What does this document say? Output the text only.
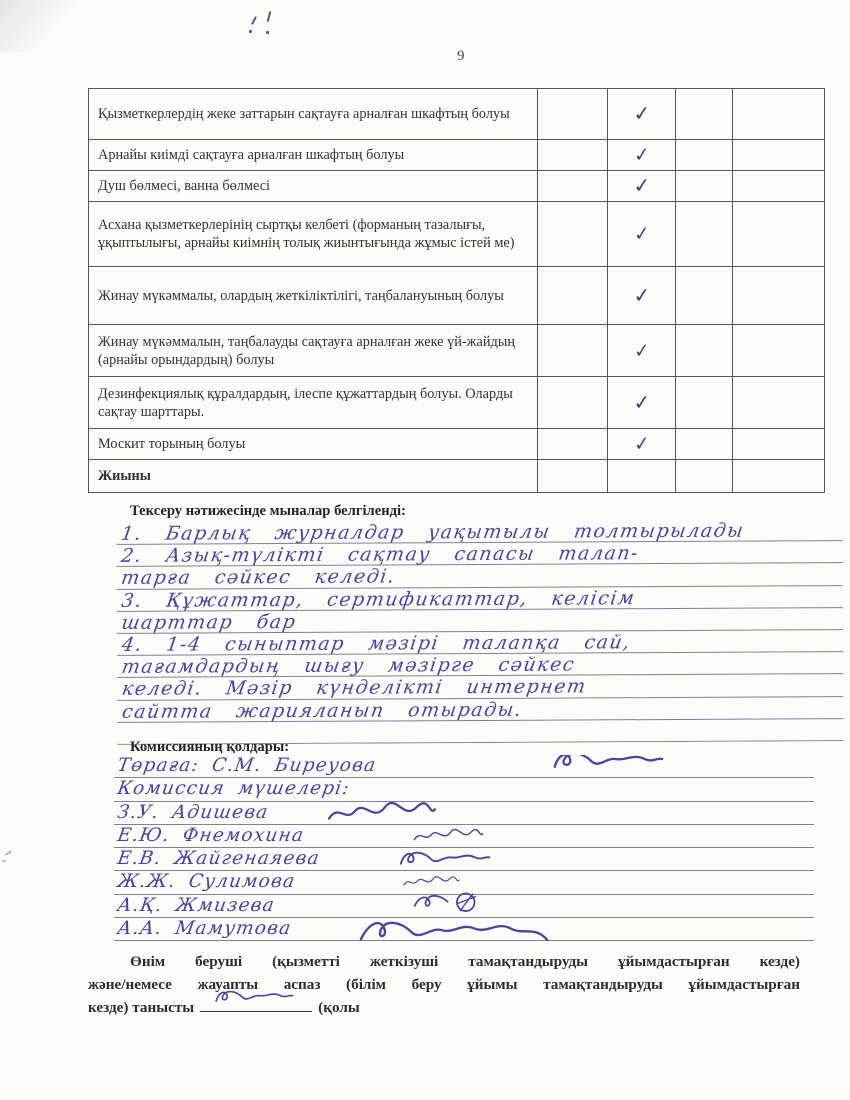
9
Қызметкерлердің жеке заттарын сақтауға арналған шкафтың болуы		✓		
Арнайы киімді сақтауға арналған шкафтың болуы		✓		
Душ бөлмесі, ванна бөлмесі		✓		
Асхана қызметкерлерінің сыртқы келбеті (форманың тазалығы, ұқыптылығы, арнайы киімнің толық жиынтығында жұмыс істей ме)		✓		
Жинау мүкәммалы, олардың жеткіліктілігі, таңбалануының болуы		✓		
Жинау мүкәммалын, таңбалауды сақтауға арналған жеке үй-жайдың (арнайы орындардың) болуы		✓		
Дезинфекциялық құралдардың, ілеспе құжаттардың болуы. Оларды сақтау шарттары.		✓		
Москит торының болуы		✓		
Жиыны				
Тексеру нәтижесінде мыналар белгіленді:
1. Барлық журналдар уақытылы толтырылады
2. Азық-түлікті сақтау сапасы талап-
тарға сәйкес келеді.
3. Құжаттар, сертификаттар, келісім
шарттар бар
4. 1-4 сыныптар мәзірі талапқа сай,
тағамдардың шығу мәзірге сәйкес
келеді. Мәзір күнделікті интернет
сайтта жарияланып отырады.
Комиссияның қолдары:
Төраға: С.М. Биреуова
Комиссия мүшелері:
З.У. Адишева
Е.Ю. Фнемохина
Е.В. Жайгенаяева
Ж.Ж. Сулимова
А.Қ. Жмизева
А.А. Мамутова
Өнім беруші (қызметті жеткізуші тамақтандыруды ұйымдастырған кезде)
және/немесе жауапты аспаз (білім беру ұйымы тамақтандыруды ұйымдастырған
кезде) танысты	(қолы
